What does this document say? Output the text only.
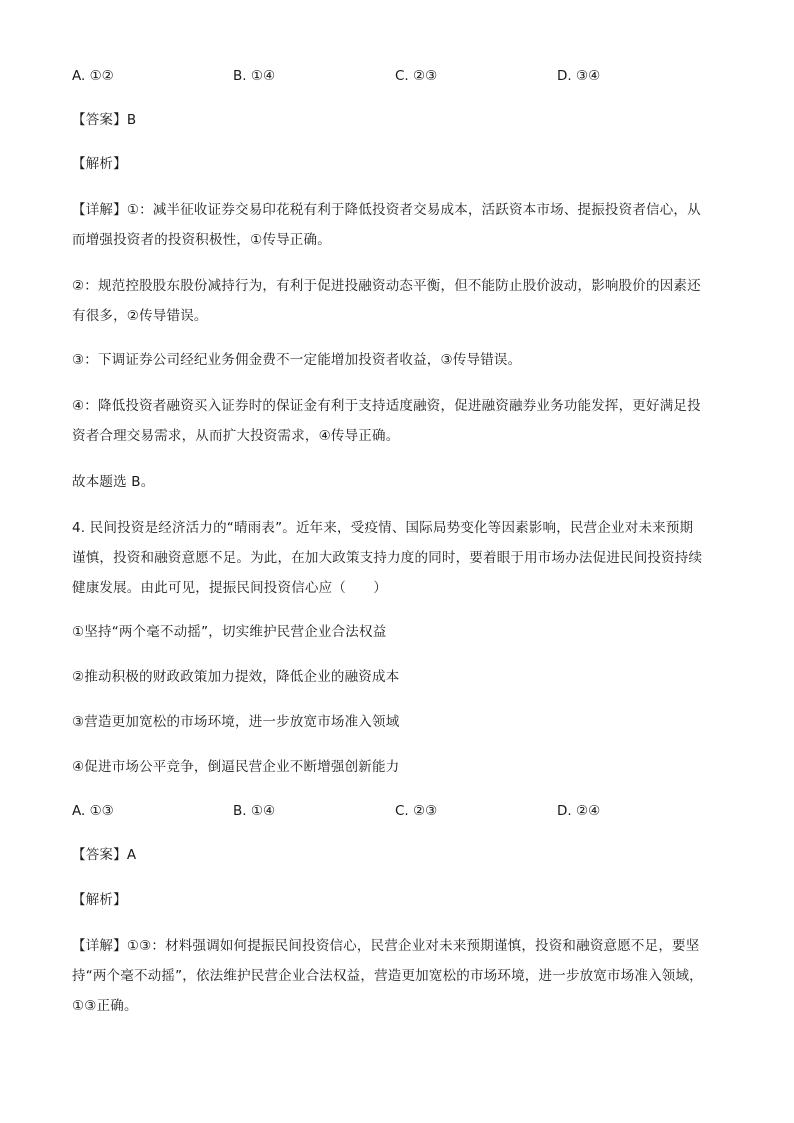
A. ①②	B. ①④	C. ②③	D. ③④
【答案】B
【解析】
【详解】①：减半征收证券交易印花税有利于降低投资者交易成本，活跃资本市场、提振投资者信心，从
而增强投资者的投资积极性，①传导正确。
②：规范控股股东股份减持行为，有利于促进投融资动态平衡，但不能防止股价波动，影响股价的因素还
有很多，②传导错误。
③：下调证券公司经纪业务佣金费不一定能增加投资者收益，③传导错误。
④：降低投资者融资买入证券时的保证金有利于支持适度融资，促进融资融券业务功能发挥，更好满足投
资者合理交易需求，从而扩大投资需求，④传导正确。
故本题选 B。
4. 民间投资是经济活力的“晴雨表”。近年来，受疫情、国际局势变化等因素影响，民营企业对未来预期
谨慎，投资和融资意愿不足。为此，在加大政策支持力度的同时，要着眼于用市场办法促进民间投资持续
健康发展。由此可见，提振民间投资信心应（　　）
①坚持“两个毫不动摇”，切实维护民营企业合法权益
②推动积极的财政政策加力提效，降低企业的融资成本
③营造更加宽松的市场环境，进一步放宽市场准入领域
④促进市场公平竞争，倒逼民营企业不断增强创新能力
A. ①③	B. ①④	C. ②③	D. ②④
【答案】A
【解析】
【详解】①③：材料强调如何提振民间投资信心，民营企业对未来预期谨慎，投资和融资意愿不足，要坚
持“两个毫不动摇”，依法维护民营企业合法权益，营造更加宽松的市场环境，进一步放宽市场准入领域，
①③正确。
